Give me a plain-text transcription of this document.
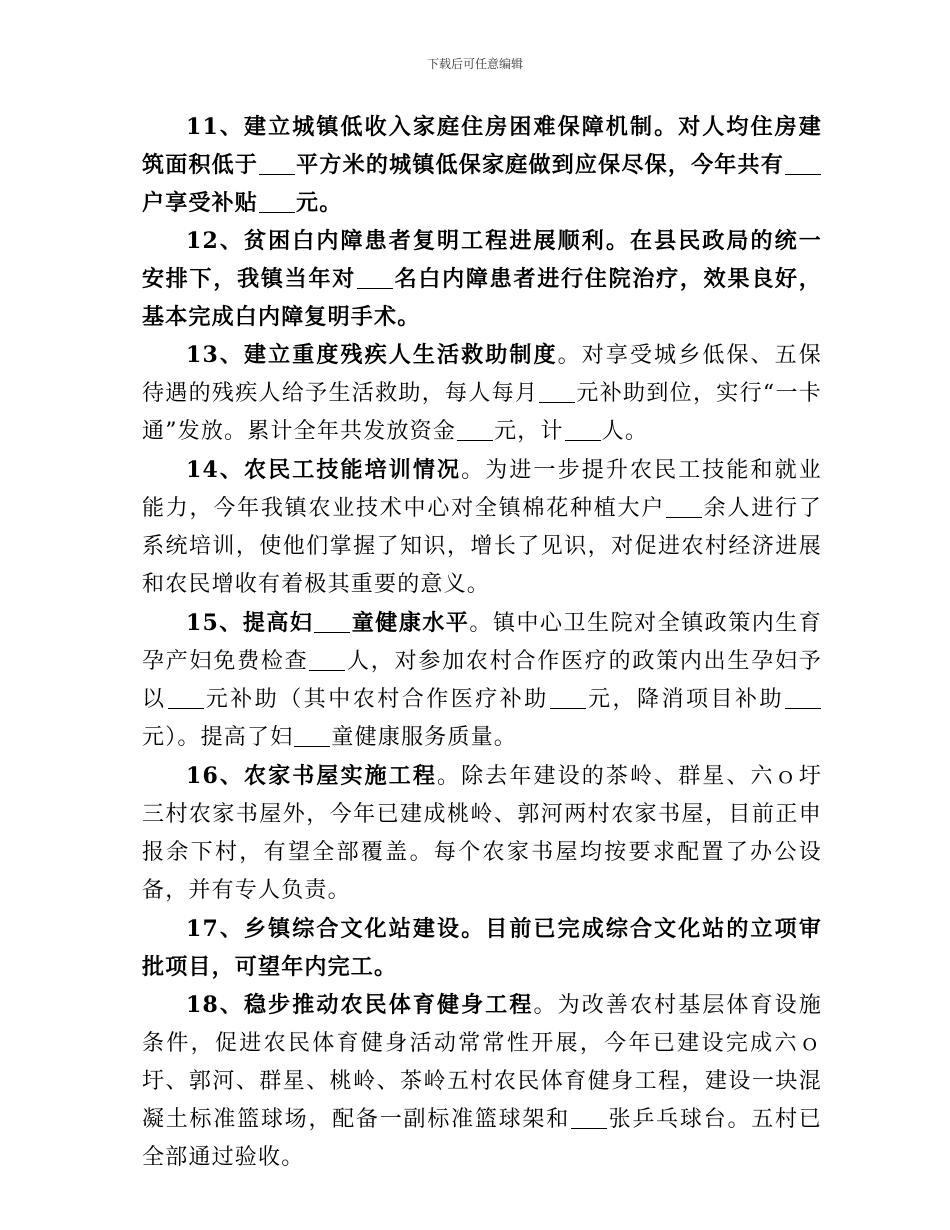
下载后可任意编辑

11、建立城镇低收入家庭住房困难保障机制。对人均住房建筑面积低于 平方米的城镇低保家庭做到应保尽保，今年共有户享受补贴 元。

12、贫困白内障患者复明工程进展顺利。在县民政局的统一安排下，我镇当年对 名白内障患者进行住院治疗，效果良好，基本完成白内障复明手术。

13、建立重度残疾人生活救助制度。对享受城乡低保、五保待遇的残疾人给予生活救助，每人每月 元补助到位，实行“一卡通”发放。累计全年共发放资金 元，计 人。

14、农民工技能培训情况。为进一步提升农民工技能和就业能力，今年我镇农业技术中心对全镇棉花种植大户 余人进行了系统培训，使他们掌握了知识，增长了见识，对促进农村经济进展和农民增收有着极其重要的意义。

15、提高妇 童健康水平。镇中心卫生院对全镇政策内生育孕产妇免费检查 人，对参加农村合作医疗的政策内出生孕妇予以 元补助（其中农村合作医疗补助 元，降消项目补助元）。提高了妇 童健康服务质量。

16、农家书屋实施工程。除去年建设的茶岭、群星、六ｏ圩三村农家书屋外，今年已建成桃岭、郭河两村农家书屋，目前正申报余下村，有望全部覆盖。每个农家书屋均按要求配置了办公设备，并有专人负责。

17、乡镇综合文化站建设。目前已完成综合文化站的立项审批项目，可望年内完工。

18、稳步推动农民体育健身工程。为改善农村基层体育设施条件，促进农民体育健身活动常常性开展，今年已建设完成六ｏ圩、郭河、群星、桃岭、茶岭五村农民体育健身工程，建设一块混凝土标准篮球场，配备一副标准篮球架和 张乒乓球台。五村已全部通过验收。
